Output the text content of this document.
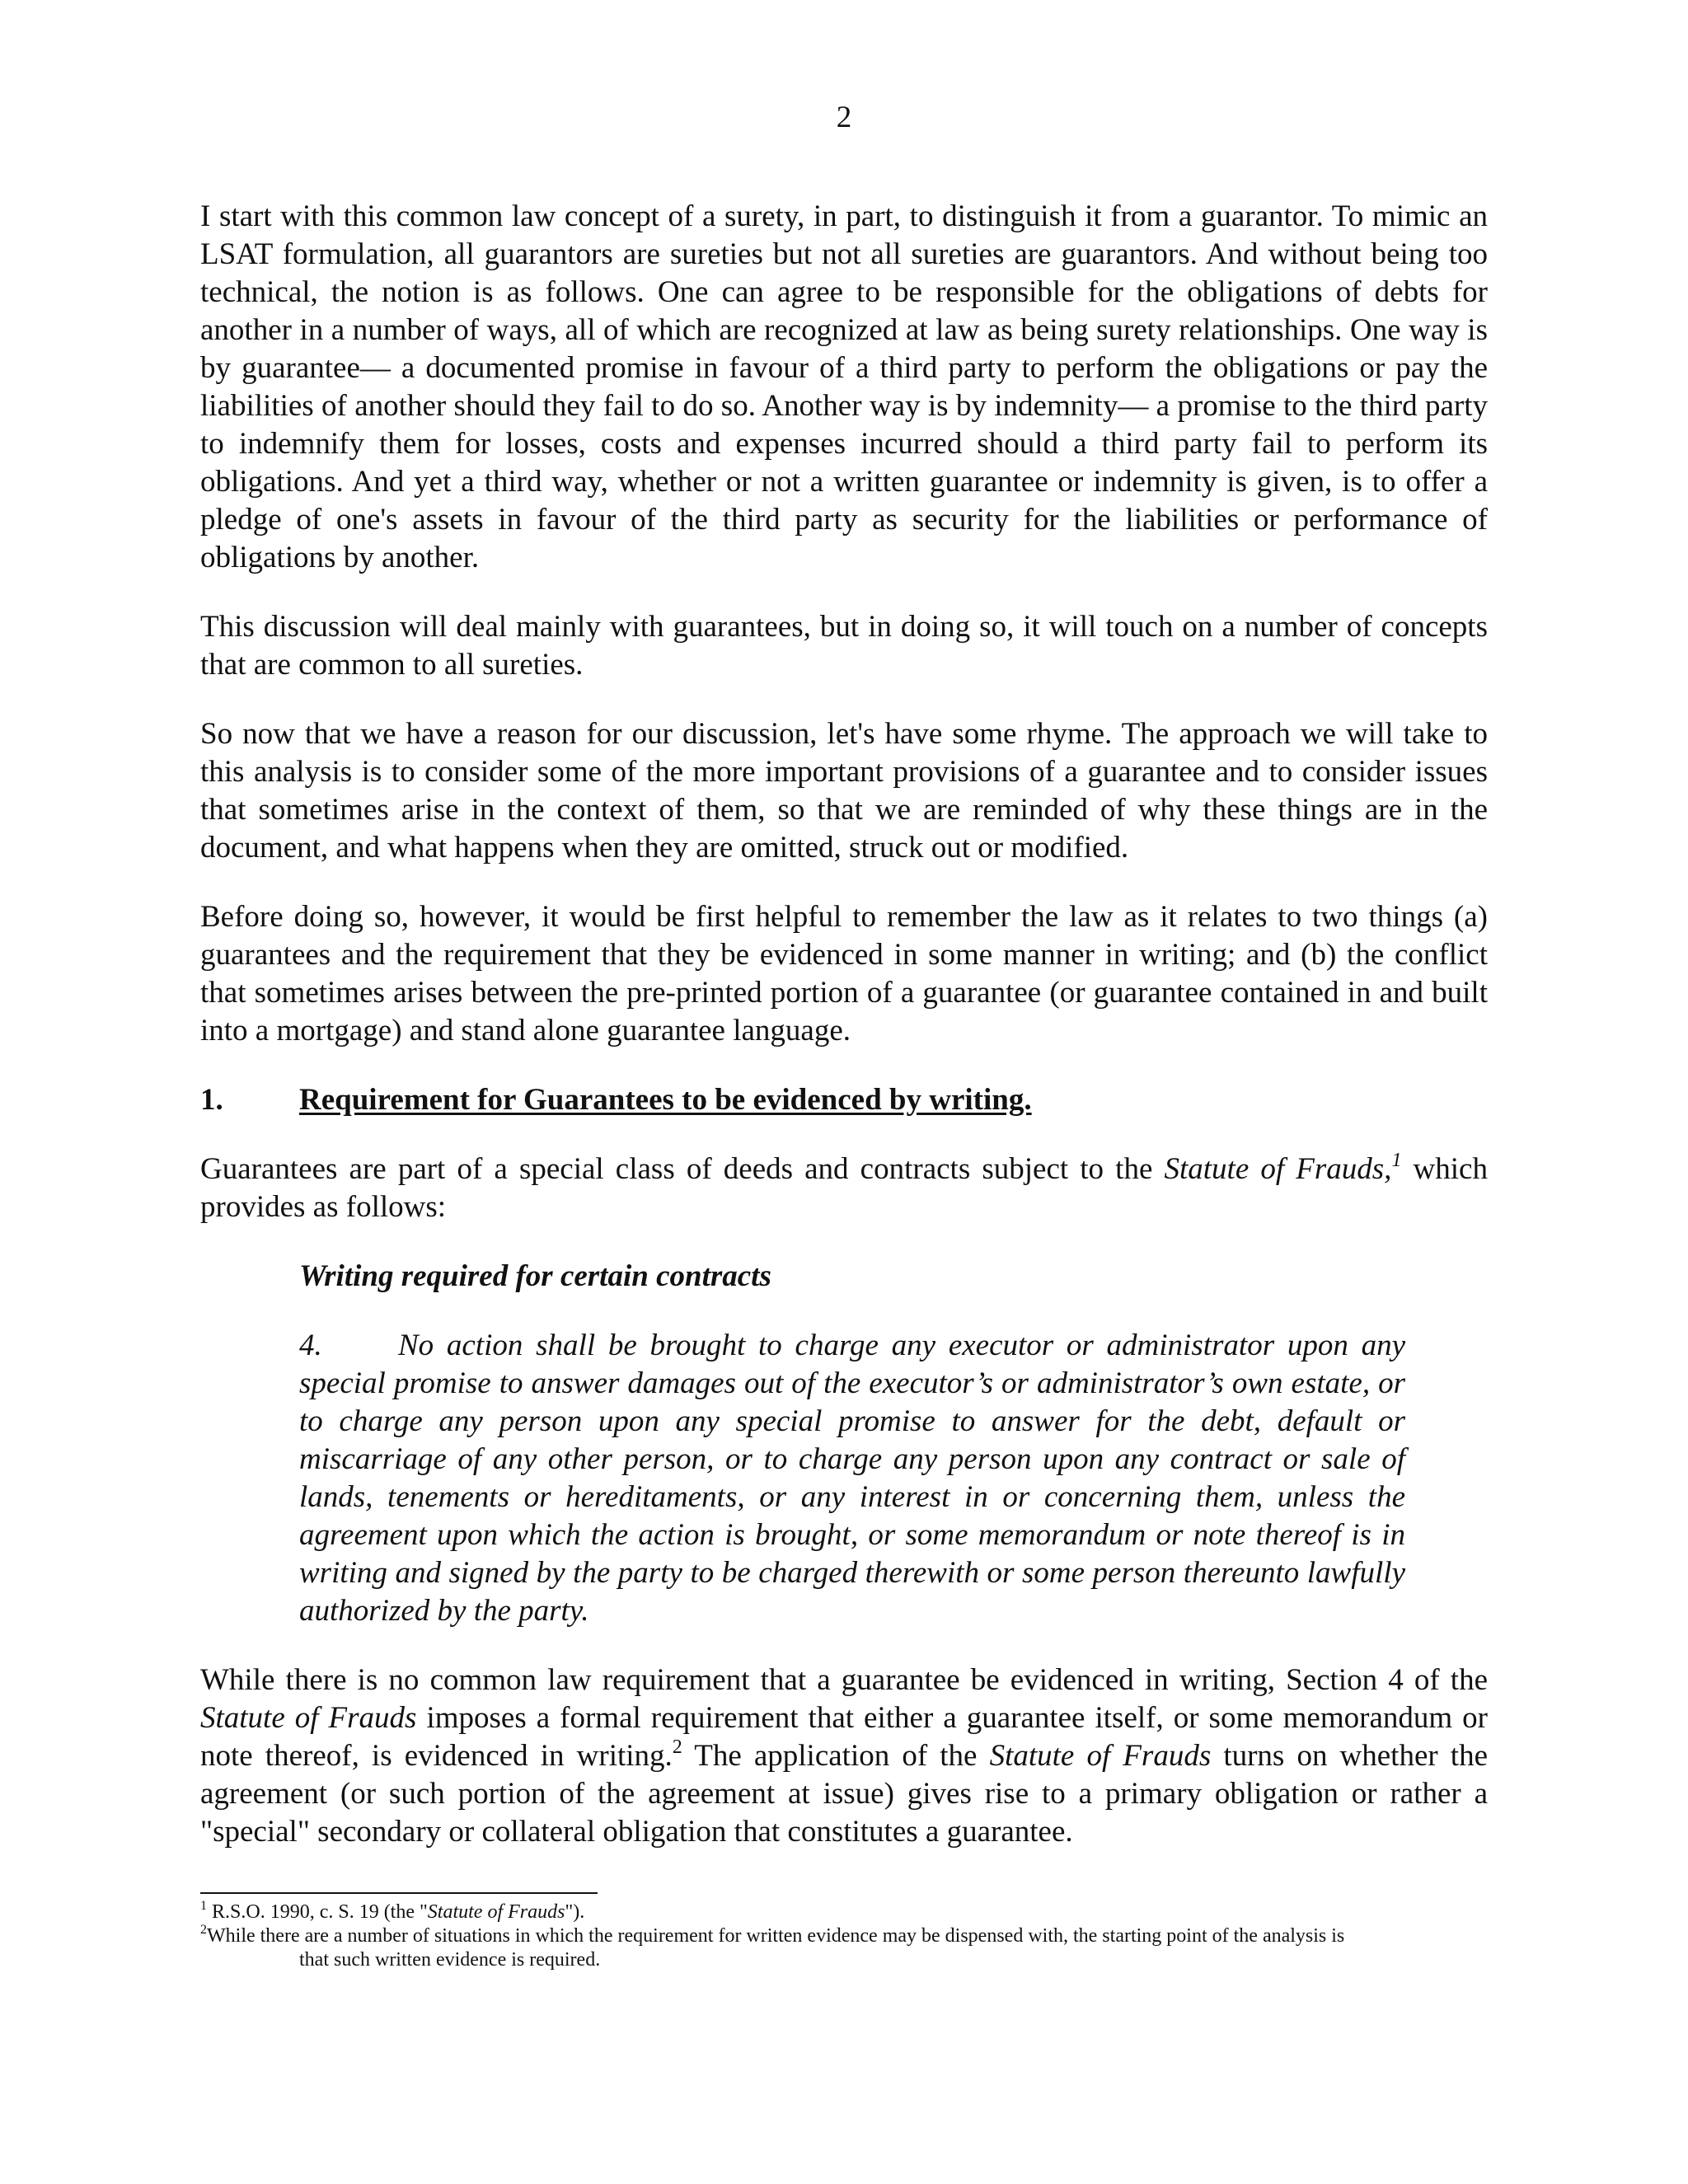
2

I start with this common law concept of a surety, in part, to distinguish it from a guarantor. To mimic an LSAT formulation, all guarantors are sureties but not all sureties are guarantors. And without being too technical, the notion is as follows. One can agree to be responsible for the obligations of debts for another in a number of ways, all of which are recognized at law as being surety relationships. One way is by guarantee— a documented promise in favour of a third party to perform the obligations or pay the liabilities of another should they fail to do so. Another way is by indemnity— a promise to the third party to indemnify them for losses, costs and expenses incurred should a third party fail to perform its obligations. And yet a third way, whether or not a written guarantee or indemnity is given, is to offer a pledge of one's assets in favour of the third party as security for the liabilities or performance of obligations by another.

This discussion will deal mainly with guarantees, but in doing so, it will touch on a number of concepts that are common to all sureties.

So now that we have a reason for our discussion, let's have some rhyme. The approach we will take to this analysis is to consider some of the more important provisions of a guarantee and to consider issues that sometimes arise in the context of them, so that we are reminded of why these things are in the document, and what happens when they are omitted, struck out or modified.

Before doing so, however, it would be first helpful to remember the law as it relates to two things (a) guarantees and the requirement that they be evidenced in some manner in writing; and (b) the conflict that sometimes arises between the pre-printed portion of a guarantee (or guarantee contained in and built into a mortgage) and stand alone guarantee language.

1.	Requirement for Guarantees to be evidenced by writing.

Guarantees are part of a special class of deeds and contracts subject to the Statute of Frauds,$^1$ which provides as follows:

Writing required for certain contracts

4. No action shall be brought to charge any executor or administrator upon any special promise to answer damages out of the executor’s or administrator’s own estate, or to charge any person upon any special promise to answer for the debt, default or miscarriage of any other person, or to charge any person upon any contract or sale of lands, tenements or hereditaments, or any interest in or concerning them, unless the agreement upon which the action is brought, or some memorandum or note thereof is in writing and signed by the party to be charged therewith or some person thereunto lawfully authorized by the party.

While there is no common law requirement that a guarantee be evidenced in writing, Section 4 of the Statute of Frauds imposes a formal requirement that either a guarantee itself, or some memorandum or note thereof, is evidenced in writing.$^2$ The application of the Statute of Frauds turns on whether the agreement (or such portion of the agreement at issue) gives rise to a primary obligation or rather a "special" secondary or collateral obligation that constitutes a guarantee.

$^1$ R.S.O. 1990, c. S. 19 (the "Statute of Frauds").

$^2$While there are a number of situations in which the requirement for written evidence may be dispensed with, the starting point of the analysis is

that such written evidence is required.
